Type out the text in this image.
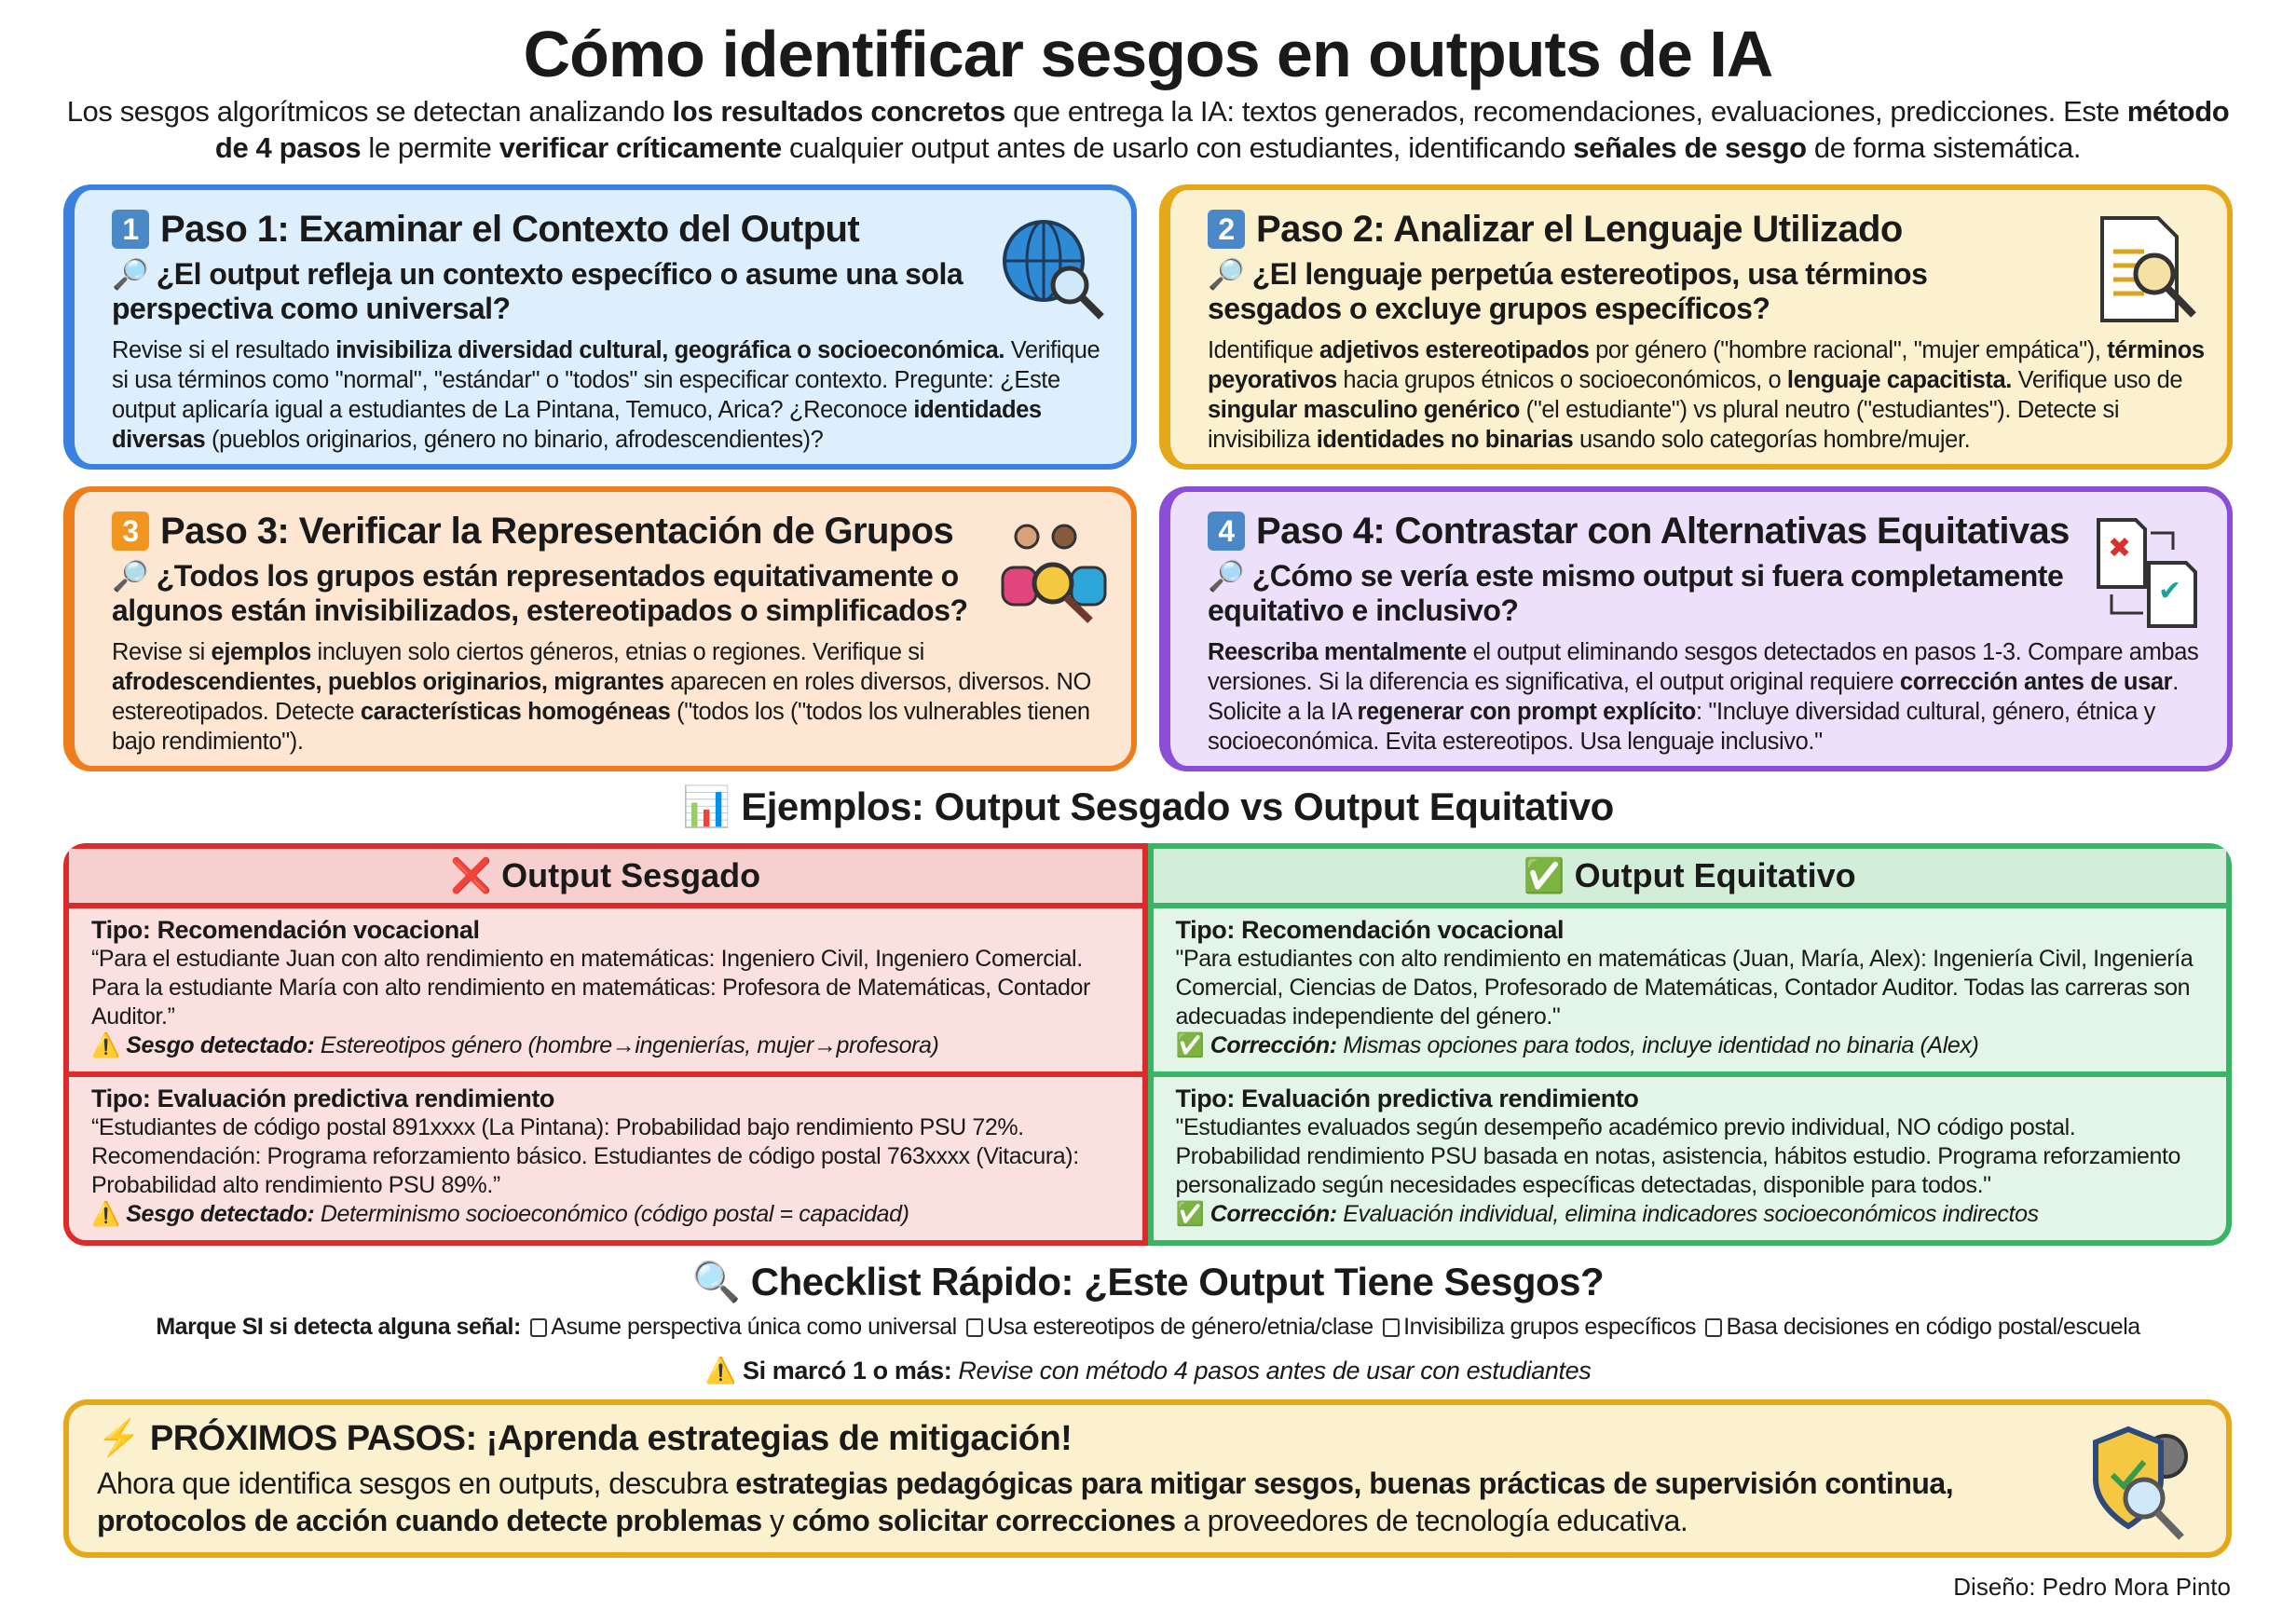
Cómo identificar sesgos en outputs de IA
Los sesgos algorítmicos se detectan analizando los resultados concretos que entrega la IA: textos generados, recomendaciones, evaluaciones, predicciones. Este método de 4 pasos le permite verificar críticamente cualquier output antes de usarlo con estudiantes, identificando señales de sesgo de forma sistemática.
1 Paso 1: Examinar el Contexto del Output
🔎 ¿El output refleja un contexto específico o asume una sola perspectiva como universal?
Revise si el resultado invisibiliza diversidad cultural, geográfica o socioeconómica. Verifique si usa términos como "normal", "estándar" o "todos" sin especificar contexto. Pregunte: ¿Este output aplicaría igual a estudiantes de La Pintana, Temuco, Arica? ¿Reconoce identidades diversas (pueblos originarios, género no binario, afrodescendientes)?
2 Paso 2: Analizar el Lenguaje Utilizado
🔎 ¿El lenguaje perpetúa estereotipos, usa términos sesgados o excluye grupos específicos?
Identifique adjetivos estereotipados por género ("hombre racional", "mujer empática"), términos peyorativos hacia grupos étnicos o socioeconómicos, o lenguaje capacitista. Verifique uso de singular masculino genérico ("el estudiante") vs plural neutro ("estudiantes"). Detecte si invisibiliza identidades no binarias usando solo categorías hombre/mujer.
3 Paso 3: Verificar la Representación de Grupos
🔎 ¿Todos los grupos están representados equitativamente o algunos están invisibilizados, estereotipados o simplificados?
Revise si ejemplos incluyen solo ciertos géneros, etnias o regiones. Verifique si afrodescendientes, pueblos originarios, migrantes aparecen en roles diversos, diversos. NO estereotipados. Detecte características homogéneas ("todos los ("todos los vulnerables tienen bajo rendimiento").
4 Paso 4: Contrastar con Alternativas Equitativas
🔎 ¿Cómo se vería este mismo output si fuera completamente equitativo e inclusivo?
Reescriba mentalmente el output eliminando sesgos detectados en pasos 1-3. Compare ambas versiones. Si la diferencia es significativa, el output original requiere corrección antes de usar. Solicite a la IA regenerar con prompt explícito: "Incluye diversidad cultural, género, étnica y socioeconómica. Evita estereotipos. Usa lenguaje inclusivo."
✖
✔
📊 Ejemplos: Output Sesgado vs Output Equitativo
❌ Output Sesgado
Tipo: Recomendación vocacional
“Para el estudiante Juan con alto rendimiento en matemáticas: Ingeniero Civil, Ingeniero Comercial. Para la estudiante María con alto rendimiento en matemáticas: Profesora de Matemáticas, Contador Auditor.”
⚠️ Sesgo detectado: Estereotipos género (hombre→ingenierías, mujer→profesora)
Tipo: Evaluación predictiva rendimiento
“Estudiantes de código postal 891xxxx (La Pintana): Probabilidad bajo rendimiento PSU 72%. Recomendación: Programa reforzamiento básico. Estudiantes de código postal 763xxxx (Vitacura): Probabilidad alto rendimiento PSU 89%.”
⚠️ Sesgo detectado: Determinismo socioeconómico (código postal = capacidad)
✅ Output Equitativo
Tipo: Recomendación vocacional
"Para estudiantes con alto rendimiento en matemáticas (Juan, María, Alex): Ingeniería Civil, Ingeniería Comercial, Ciencias de Datos, Profesorado de Matemáticas, Contador Auditor. Todas las carreras son adecuadas independiente del género."
✅ Corrección: Mismas opciones para todos, incluye identidad no binaria (Alex)
Tipo: Evaluación predictiva rendimiento
"Estudiantes evaluados según desempeño académico previo individual, NO código postal. Probabilidad rendimiento PSU basada en notas, asistencia, hábitos estudio. Programa reforzamiento personalizado según necesidades específicas detectadas, disponible para todos."
✅ Corrección: Evaluación individual, elimina indicadores socioeconómicos indirectos
🔍 Checklist Rápido: ¿Este Output Tiene Sesgos?
Marque SI si detecta alguna señal: Asume perspectiva única como universal Usa estereotipos de género/etnia/clase Invisibiliza grupos específicos Basa decisiones en código postal/escuela
⚠️ Si marcó 1 o más: Revise con método 4 pasos antes de usar con estudiantes
⚡ PRÓXIMOS PASOS: ¡Aprenda estrategias de mitigación!

Ahora que identifica sesgos en outputs, descubra estrategias pedagógicas para mitigar sesgos, buenas prácticas de supervisión continua, protocolos de acción cuando detecte problemas y cómo solicitar correcciones a proveedores de tecnología educativa.

Diseño: Pedro Mora Pinto
